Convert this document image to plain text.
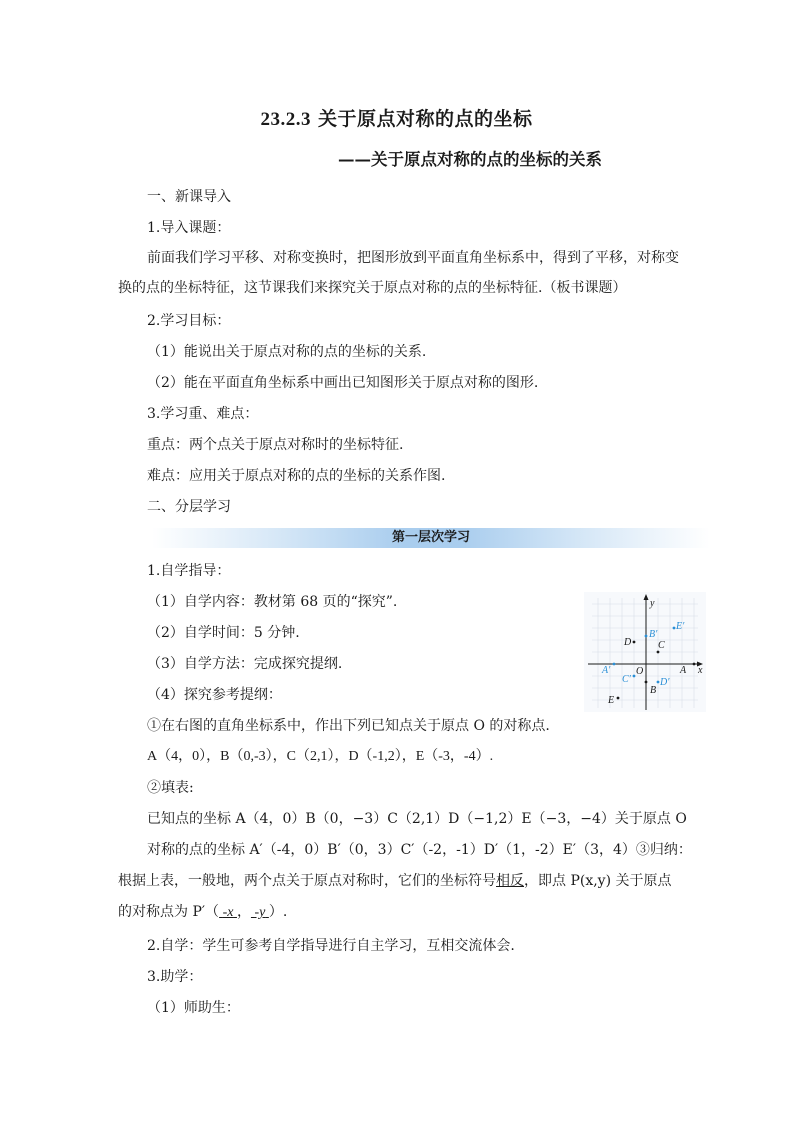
23.2.3 关于原点对称的点的坐标
——关于原点对称的点的坐标的关系
一、新课导入
1.导入课题：
前面我们学习平移、对称变换时，把图形放到平面直角坐标系中，得到了平移，对称变
换的点的坐标特征，这节课我们来探究关于原点对称的点的坐标特征.（板书课题）
2.学习目标：
（1）能说出关于原点对称的点的坐标的关系.
（2）能在平面直角坐标系中画出已知图形关于原点对称的图形.
3.学习重、难点：
重点：两个点关于原点对称时的坐标特征.
难点：应用关于原点对称的点的坐标的关系作图.
二、分层学习
第一层次学习
1.自学指导：
（1）自学内容：教材第 68 页的“探究”.
（2）自学时间：5 分钟.
（3）自学方法：完成探究提纲.
（4）探究参考提纲：
①在右图的直角坐标系中，作出下列已知点关于原点 O 的对称点.
A（4，0），B（0,-3），C（2,1），D（-1,2），E（-3，-4）.
②填表:
已知点的坐标 A（4，0）B（0，−3）C（2,1）D（−1,2）E（−3，−4）关于原点 O
对称的点的坐标 A′（-4，0）B′（0，3）C′（-2，-1）D′（1，-2）E′（3，4）③归纳：
根据上表，一般地，两个点关于原点对称时，它们的坐标符号相反，即点 P(x,y) 关于原点
的对称点为 P′（ -x ， -y ）.
2.自学：学生可参考自学指导进行自主学习，互相交流体会.
3.助学：
（1）师助生：
x
y
O	A
B
C
D
E
A′
B′
C′	D′
E′
